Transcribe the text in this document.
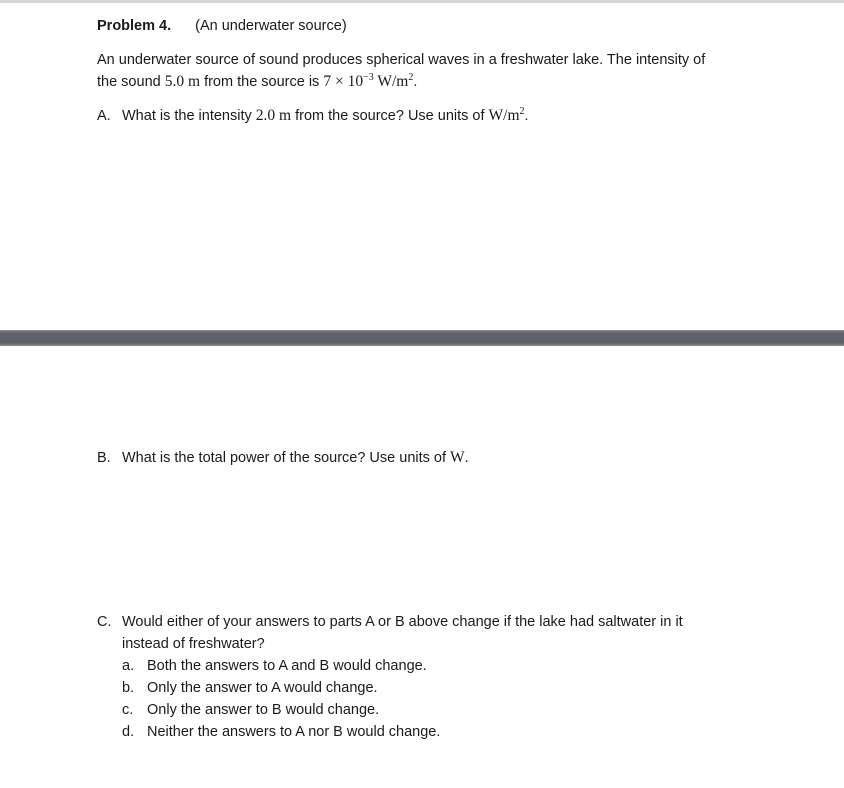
Problem 4. (An underwater source)
An underwater source of sound produces spherical waves in a freshwater lake. The intensity of
the sound 5.0 m from the source is $7 \times 10^{-3}$ $W/m^2$.
A. What is the intensity 2.0 m from the source? Use units of $W/m^2$.
B. What is the total power of the source? Use units of W.
C. Would either of your answers to parts A or B above change if the lake had saltwater in it
instead of freshwater?
a. Both the answers to A and B would change.
b. Only the answer to A would change.
c. Only the answer to B would change.
d. Neither the answers to A nor B would change.
